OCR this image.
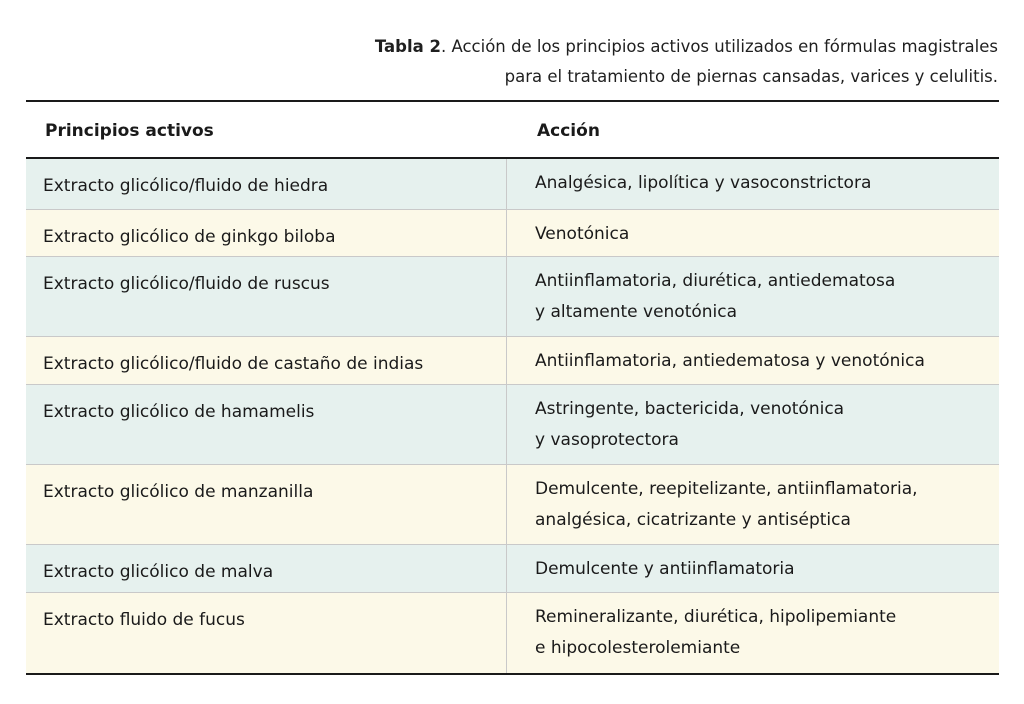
Tabla 2. Acción de los principios activos utilizados en fórmulas magistrales
para el tratamiento de piernas cansadas, varices y celulitis.
Principios activos	Acción
Extracto glicólico/fluido de hiedra	Analgésica, lipolítica y vasoconstrictora
Extracto glicólico de ginkgo biloba	Venotónica
Extracto glicólico/fluido de ruscus	Antiinflamatoria, diurética, antiedematosa
y altamente venotónica
Extracto glicólico/fluido de castaño de indias	Antiinflamatoria, antiedematosa y venotónica
Extracto glicólico de hamamelis	Astringente, bactericida, venotónica
y vasoprotectora
Extracto glicólico de manzanilla	Demulcente, reepitelizante, antiinflamatoria,
analgésica, cicatrizante y antiséptica
Extracto glicólico de malva	Demulcente y antiinflamatoria
Extracto fluido de fucus	Remineralizante, diurética, hipolipemiante
e hipocolesterolemiante
